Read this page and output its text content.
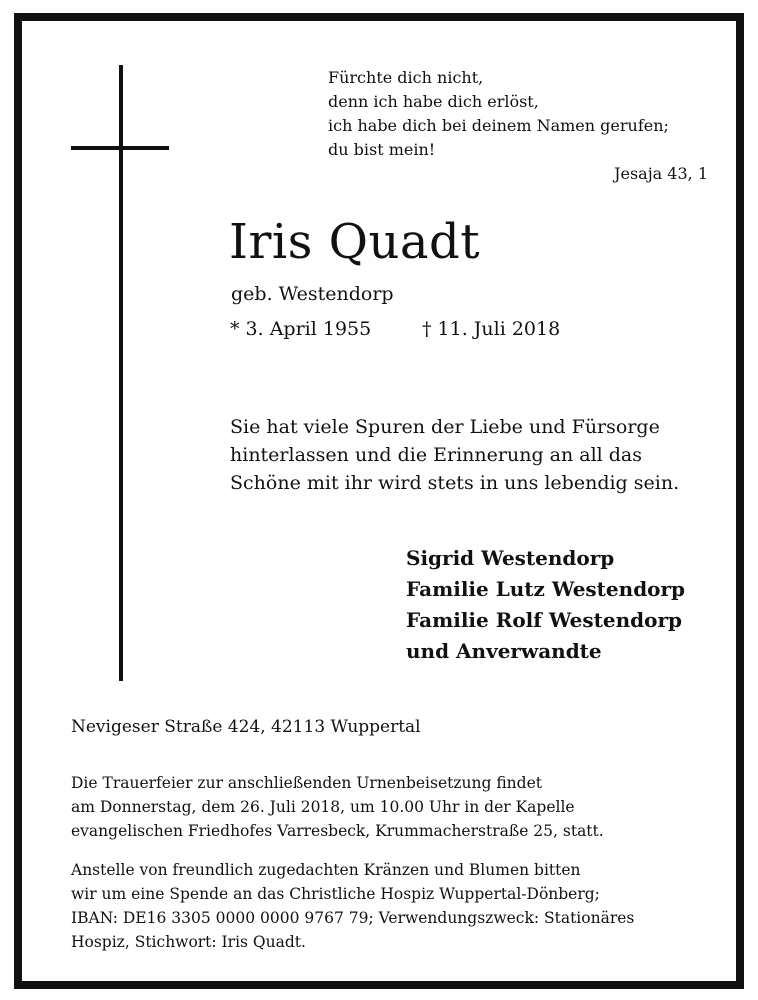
Fürchte dich nicht,
denn ich habe dich erlöst,
ich habe dich bei deinem Namen gerufen;
du bist mein!
Jesaja 43, 1
Iris Quadt
geb. Westendorp
* 3. April 1955	† 11. Juli 2018
Sie hat viele Spuren der Liebe und Fürsorge
hinterlassen und die Erinnerung an all das
Schöne mit ihr wird stets in uns lebendig sein.
Sigrid Westendorp
Familie Lutz Westendorp
Familie Rolf Westendorp
und Anverwandte
Nevigeser Straße 424, 42113 Wuppertal
Die Trauerfeier zur anschließenden Urnenbeisetzung findet
am Donnerstag, dem 26. Juli 2018, um 10.00 Uhr in der Kapelle
evangelischen Friedhofes Varresbeck, Krummacherstraße 25, statt.
Anstelle von freundlich zugedachten Kränzen und Blumen bitten
wir um eine Spende an das Christliche Hospiz Wuppertal-Dönberg;
IBAN: DE16 3305 0000 0000 9767 79; Verwendungszweck: Stationäres
Hospiz, Stichwort: Iris Quadt.
